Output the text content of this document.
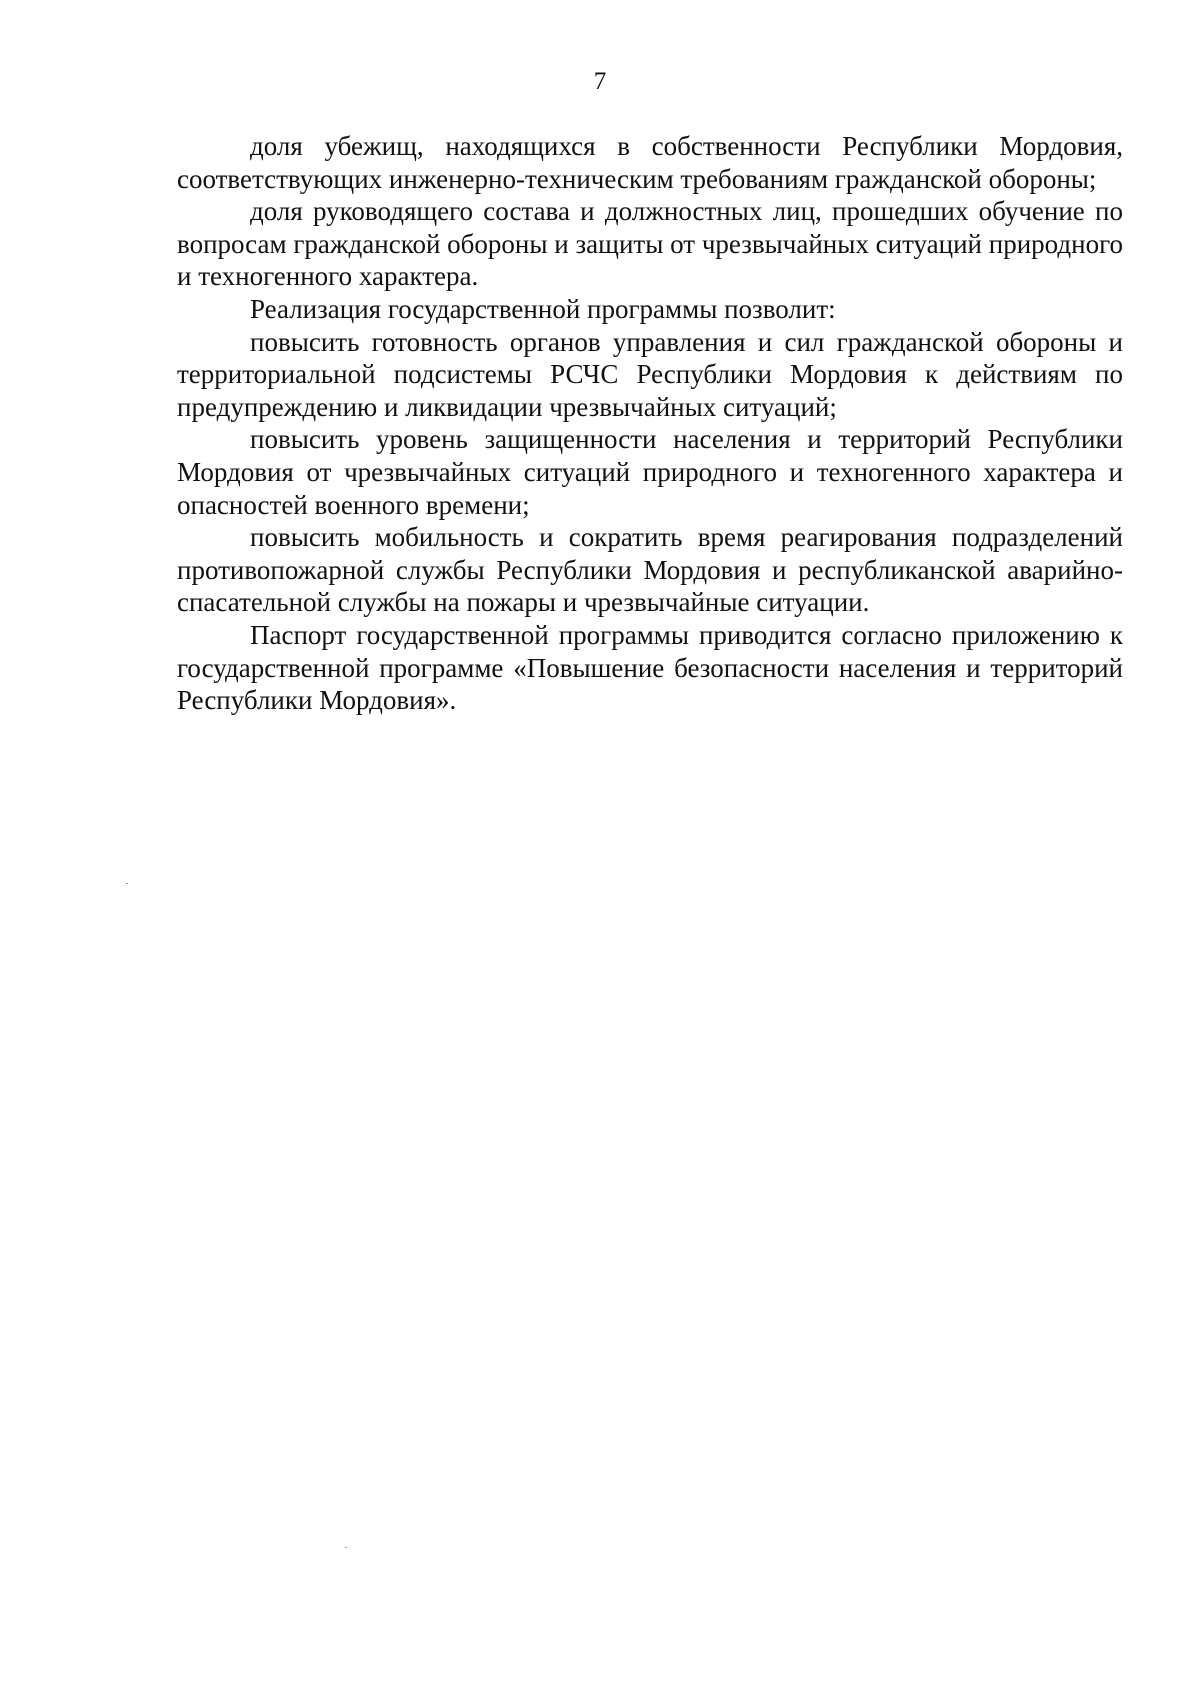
7

доля убежищ, находящихся в собственности Республики Мордовия, соответствующих инженерно-техническим требованиям гражданской обороны;

доля руководящего состава и должностных лиц, прошедших обучение по вопросам гражданской обороны и защиты от чрезвычайных ситуаций природного и техногенного характера.

Реализация государственной программы позволит:

повысить готовность органов управления и сил гражданской обороны и территориальной подсистемы РСЧС Республики Мордовия к действиям по предупреждению и ликвидации чрезвычайных ситуаций;

повысить уровень защищенности населения и территорий Республики Мордовия от чрезвычайных ситуаций природного и техногенного характера и опасностей военного времени;

повысить мобильность и сократить время реагирования подразделений противопожарной службы Республики Мордовия и республиканской аварийно-спасательной службы на пожары и чрезвычайные ситуации.

Паспорт государственной программы приводится согласно приложению к государственной программе «Повышение безопасности населения и территорий Республики Мордовия».
